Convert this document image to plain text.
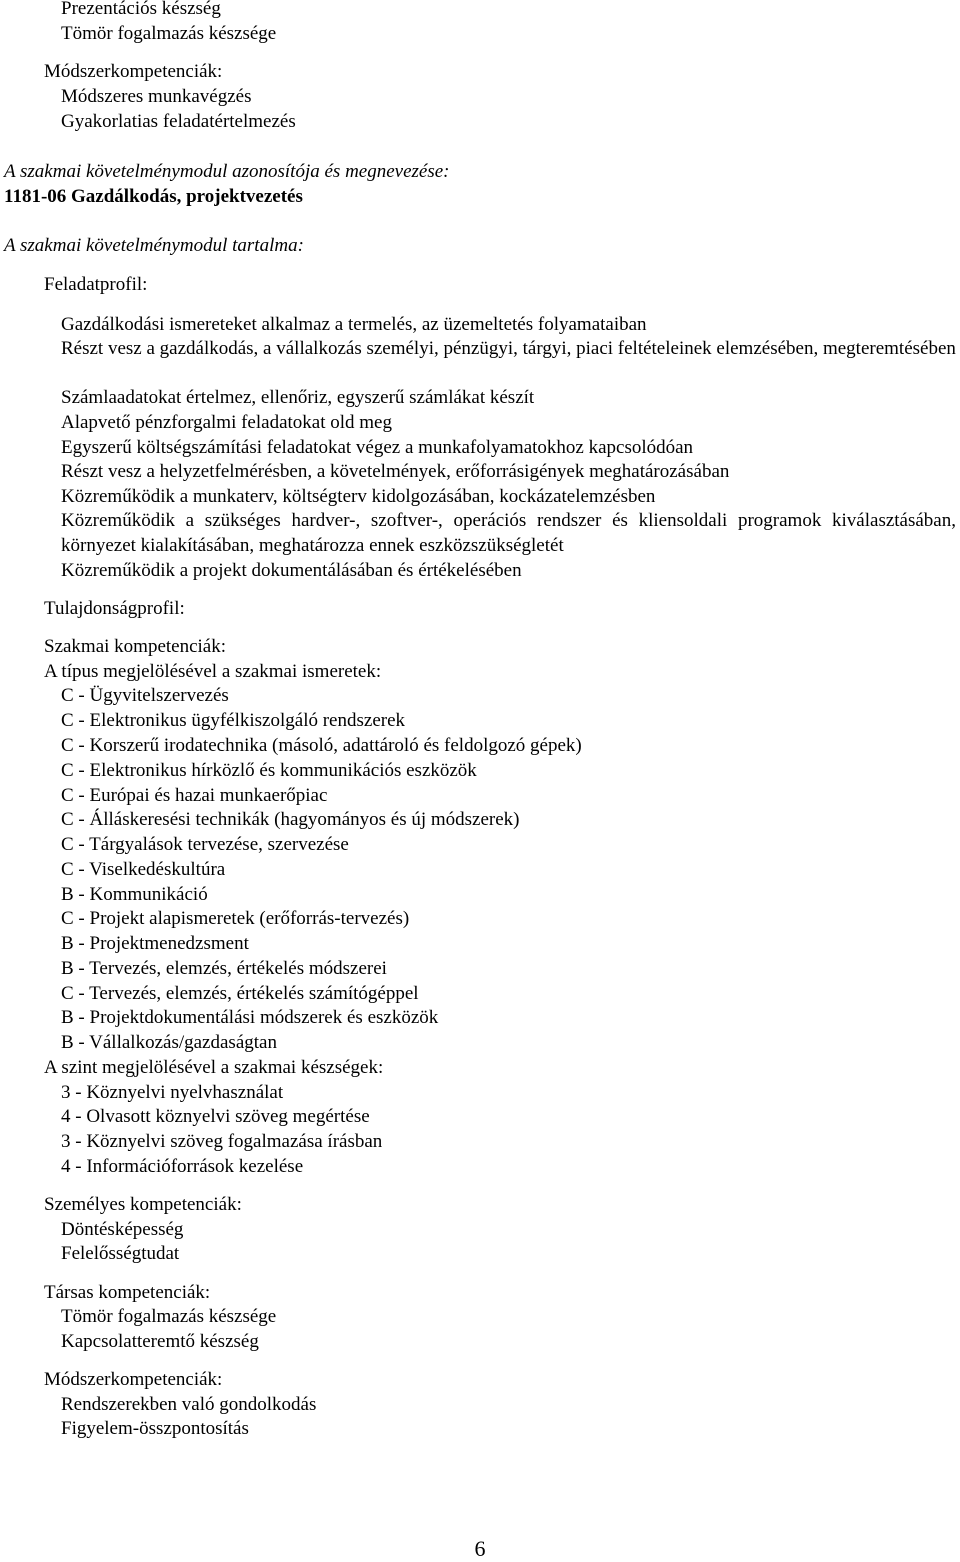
Prezentációs készség

Tömör fogalmazás készsége

Módszerkompetenciák:

Módszeres munkavégzés

Gyakorlatias feladatértelmezés

A szakmai követelménymodul azonosítója és megnevezése:

1181-06 Gazdálkodás, projektvezetés

A szakmai követelménymodul tartalma:

Feladatprofil:

Gazdálkodási ismereteket alkalmaz a termelés, az üzemeltetés folyamataiban

Részt vesz a gazdálkodás, a vállalkozás személyi, pénzügyi, tárgyi, piaci feltételeinek elemzésében, megteremtésében

Számlaadatokat értelmez, ellenőriz, egyszerű számlákat készít

Alapvető pénzforgalmi feladatokat old meg

Egyszerű költségszámítási feladatokat végez a munkafolyamatokhoz kapcsolódóan

Részt vesz a helyzetfelmérésben, a követelmények, erőforrásigények meghatározásában

Közreműködik a munkaterv, költségterv kidolgozásában, kockázatelemzésben

Közreműködik a szükséges hardver-, szoftver-, operációs rendszer és kliensoldali programok kiválasztásában, környezet kialakításában, meghatározza ennek eszközszükségletét

Közreműködik a projekt dokumentálásában és értékelésében

Tulajdonságprofil:

Szakmai kompetenciák:

A típus megjelölésével a szakmai ismeretek:

C - Ügyvitelszervezés

C - Elektronikus ügyfélkiszolgáló rendszerek

C - Korszerű irodatechnika (másoló, adattároló és feldolgozó gépek)

C - Elektronikus hírközlő és kommunikációs eszközök

C - Európai és hazai munkaerőpiac

C - Álláskeresési technikák (hagyományos és új módszerek)

C - Tárgyalások tervezése, szervezése

C - Viselkedéskultúra

B - Kommunikáció

C - Projekt alapismeretek (erőforrás-tervezés)

B - Projektmenedzsment

B - Tervezés, elemzés, értékelés módszerei

C - Tervezés, elemzés, értékelés számítógéppel

B - Projektdokumentálási módszerek és eszközök

B - Vállalkozás/gazdaságtan

A szint megjelölésével a szakmai készségek:

3 - Köznyelvi nyelvhasználat

4 - Olvasott köznyelvi szöveg megértése

3 - Köznyelvi szöveg fogalmazása írásban

4 - Információforrások kezelése

Személyes kompetenciák:

Döntésképesség

Felelősségtudat

Társas kompetenciák:

Tömör fogalmazás készsége

Kapcsolatteremtő készség

Módszerkompetenciák:

Rendszerekben való gondolkodás

Figyelem-összpontosítás

6
